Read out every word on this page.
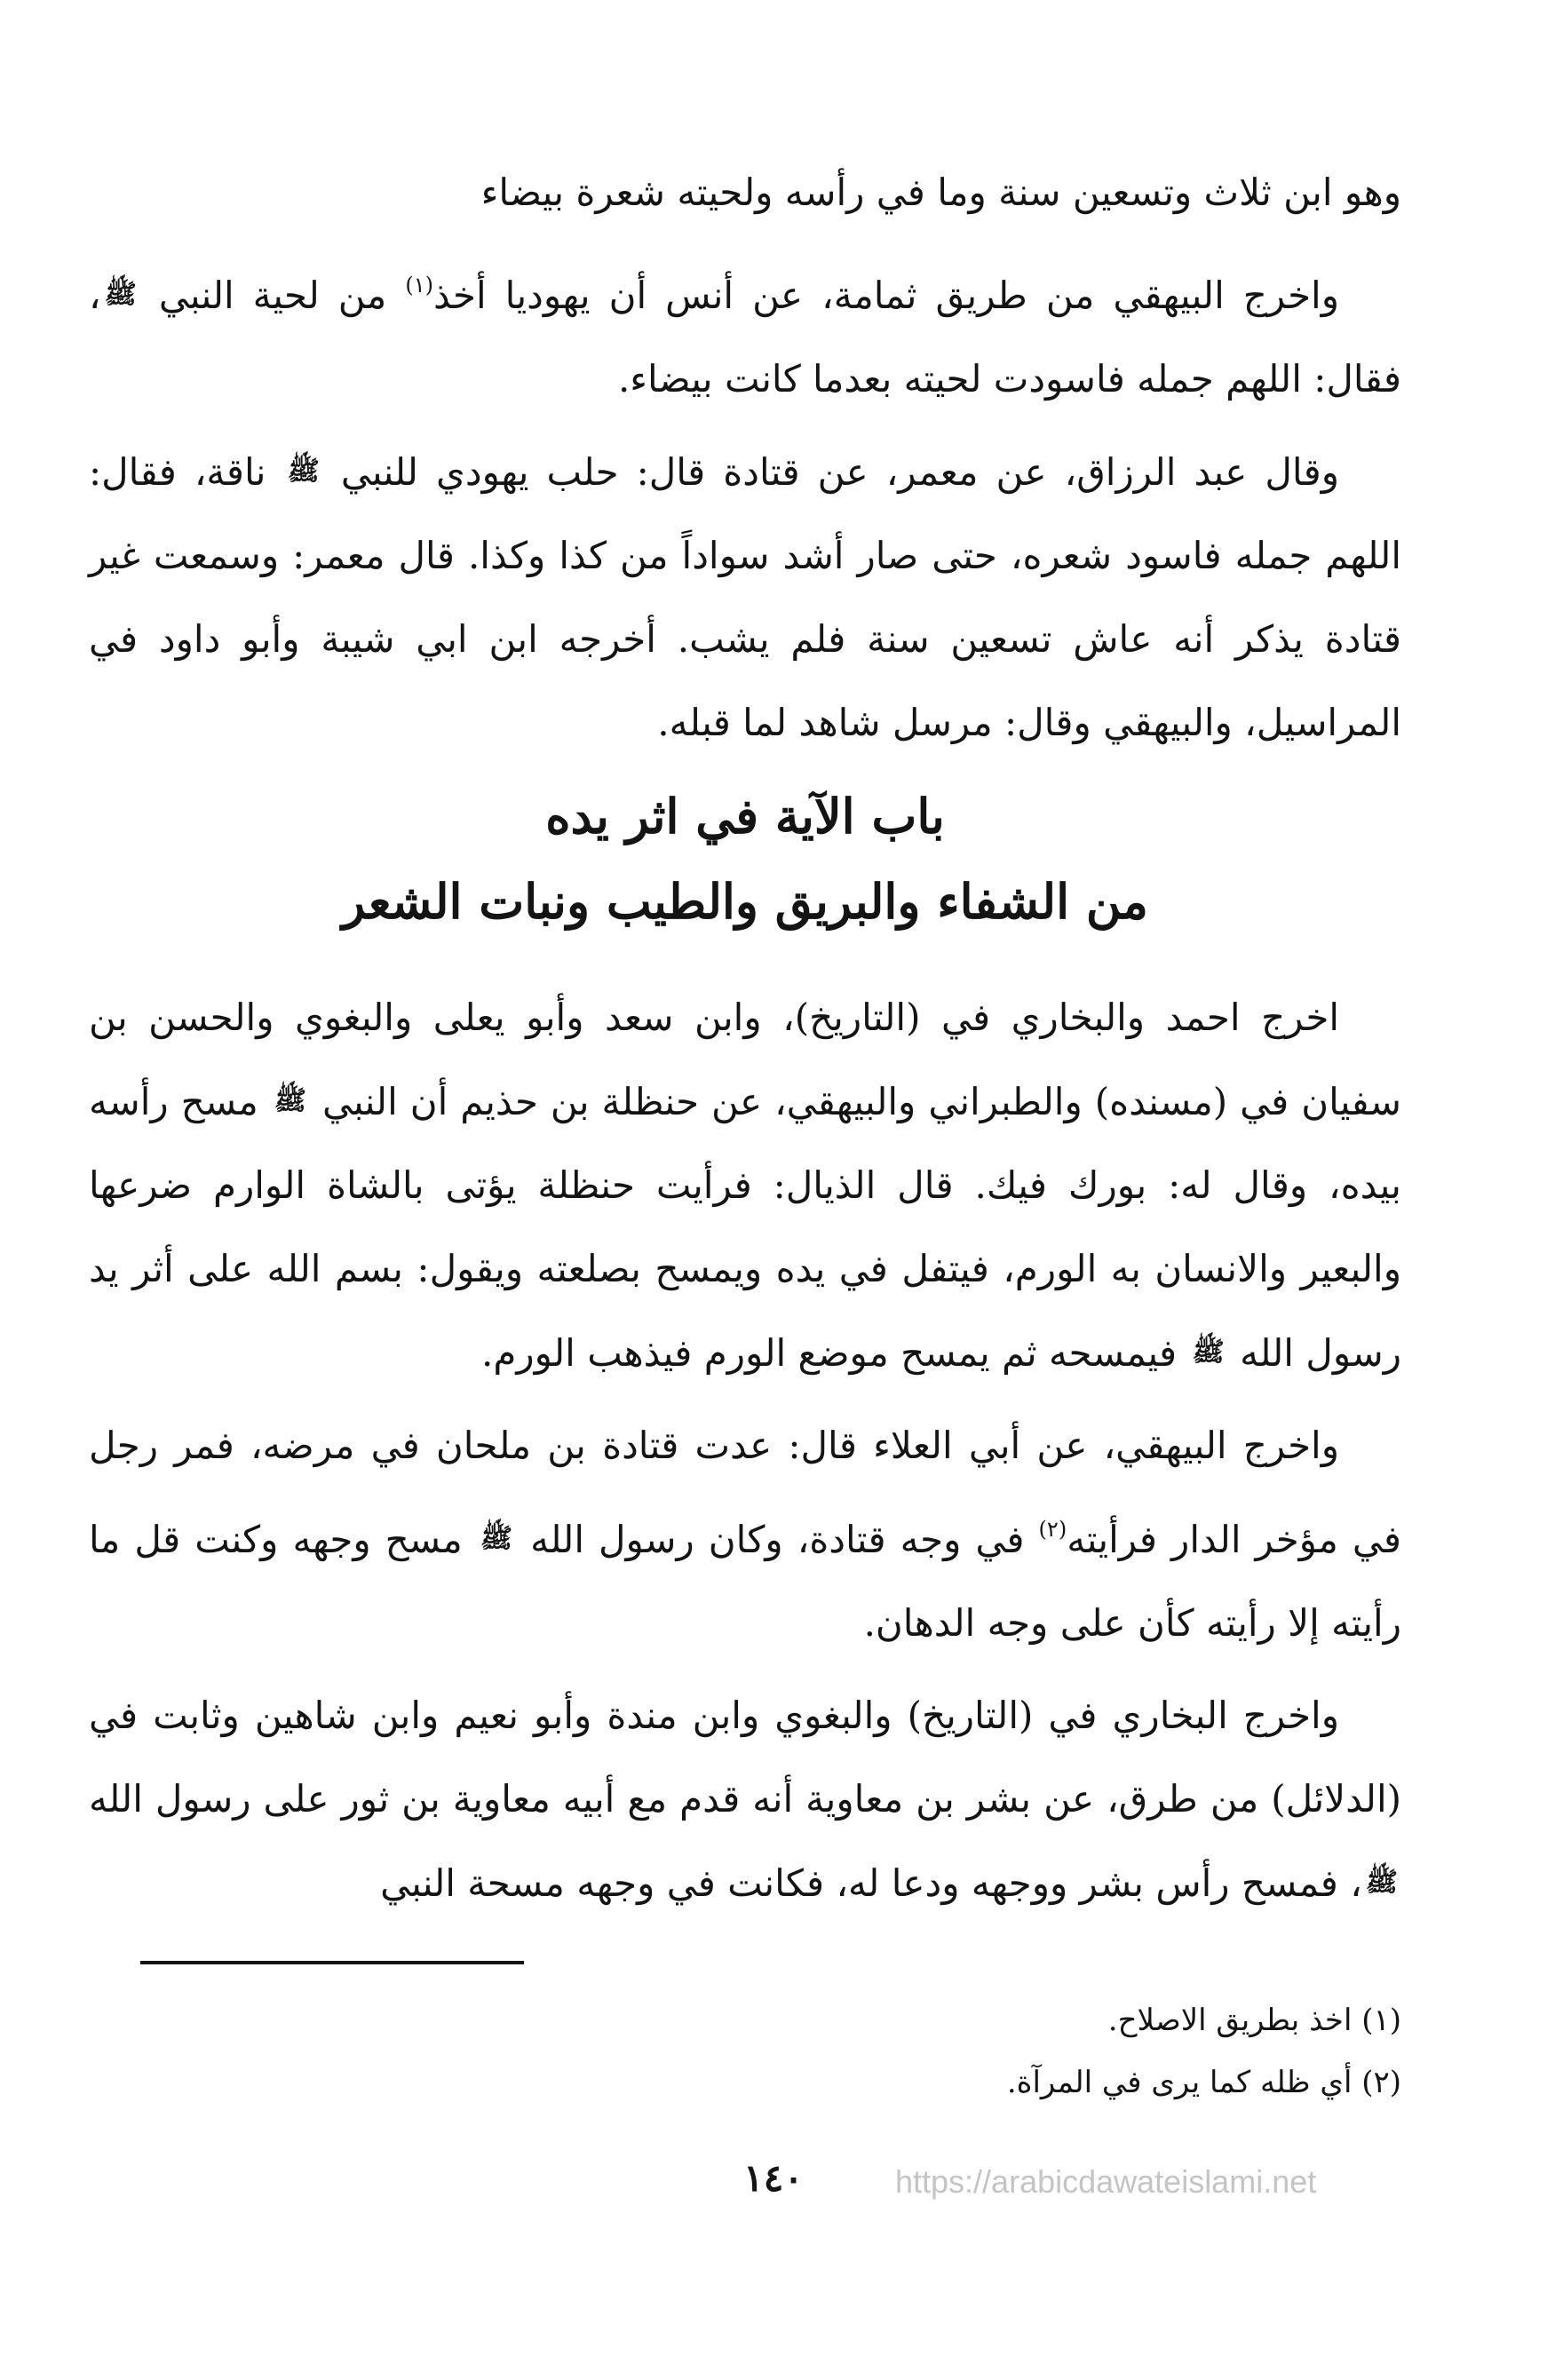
وهو ابن ثلاث وتسعين سنة وما في رأسه ولحيته شعرة بيضاء

واخرج البيهقي من طريق ثمامة، عن أنس أن يهوديا أخذ$^{(١)}$ من لحية النبي ﷺ، فقال: اللهم جمله فاسودت لحيته بعدما كانت بيضاء.

وقال عبد الرزاق، عن معمر، عن قتادة قال: حلب يهودي للنبي ﷺ ناقة، فقال: اللهم جمله فاسود شعره، حتى صار أشد سواداً من كذا وكذا. قال معمر: وسمعت غير قتادة يذكر أنه عاش تسعين سنة فلم يشب. أخرجه ابن ابي شيبة وأبو داود في المراسيل، والبيهقي وقال: مرسل شاهد لما قبله.

باب الآية في اثر يده
من الشفاء والبريق والطيب ونبات الشعر

اخرج احمد والبخاري في (التاريخ)، وابن سعد وأبو يعلى والبغوي والحسن بن سفيان في (مسنده) والطبراني والبيهقي، عن حنظلة بن حذيم أن النبي ﷺ مسح رأسه بيده، وقال له: بورك فيك. قال الذيال: فرأيت حنظلة يؤتى بالشاة الوارم ضرعها والبعير والانسان به الورم، فيتفل في يده ويمسح بصلعته ويقول: بسم الله على أثر يد رسول الله ﷺ فيمسحه ثم يمسح موضع الورم فيذهب الورم.

واخرج البيهقي، عن أبي العلاء قال: عدت قتادة بن ملحان في مرضه، فمر رجل في مؤخر الدار فرأيته$^{(٢)}$ في وجه قتادة، وكان رسول الله ﷺ مسح وجهه وكنت قل ما رأيته إلا رأيته كأن على وجه الدهان.

واخرج البخاري في (التاريخ) والبغوي وابن مندة وأبو نعيم وابن شاهين وثابت في (الدلائل) من طرق، عن بشر بن معاوية أنه قدم مع أبيه معاوية بن ثور على رسول الله ﷺ، فمسح رأس بشر ووجهه ودعا له، فكانت في وجهه مسحة النبي

(١) اخذ بطريق الاصلاح.

(٢) أي ظله كما يرى في المرآة.

١٤٠	https://arabicdawateislami.net
